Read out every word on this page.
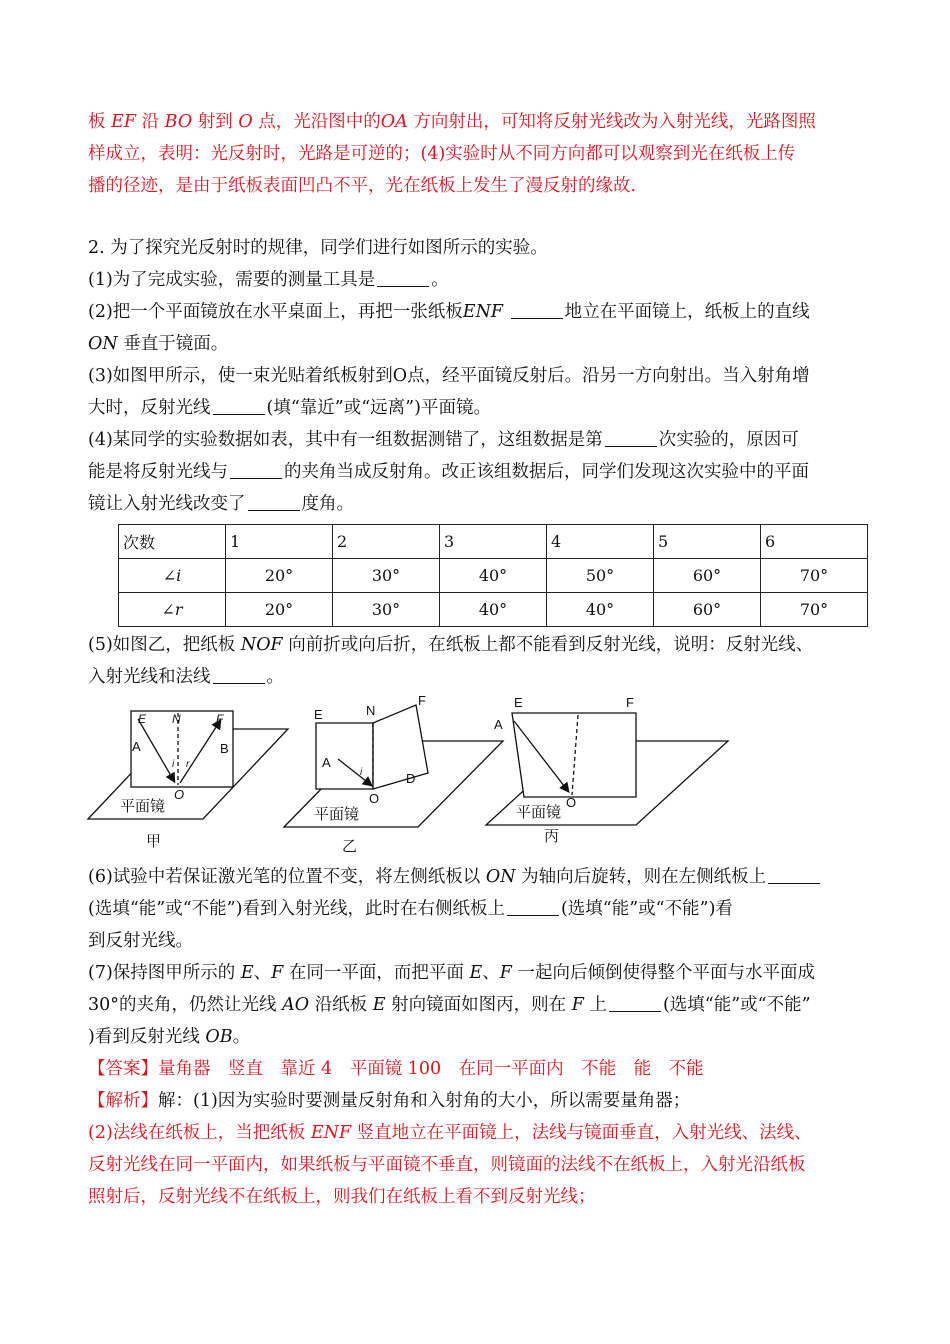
板 EF 沿 BO 射到 O 点，光沿图中的OA 方向射出，可知将反射光线改为入射光线，光路图照

样成立，表明：光反射时，光路是可逆的；(4)实验时从不同方向都可以观察到光在纸板上传

播的径迹，是由于纸板表面凹凸不平，光在纸板上发生了漫反射的缘故.

2. 为了探究光反射时的规律，同学们进行如图所示的实验。

(1)为了完成实验，需要的测量工具是	。

(2)把一个平面镜放在水平桌面上，再把一张纸板ENF	地立在平面镜上，纸板上的直线

ON 垂直于镜面。

(3)如图甲所示，使一束光贴着纸板射到O点，经平面镜反射后。沿另一方向射出。当入射角增

大时，反射光线	(填“靠近”或“远离”)平面镜。

(4)某同学的实验数据如表，其中有一组数据测错了，这组数据是第	次实验的，原因可

能是将反射光线与	的夹角当成反射角。改正该组数据后，同学们发现这次实验中的平面

镜让入射光线改变了	度角。

次数	1	2	3	4	5	6
∠i	20°	30°	40°	50°	60°	70°
∠r	20°	30°	40°	40°	60°	70°

(5)如图乙，把纸板 NOF 向前折或向后折，在纸板上都不能看到反射光线，说明：反射光线、

入射光线和法线	。

E N	F
A	B
i r
O
平面镜
甲
E	N
F
A
D
i
O
平面镜
乙
E	F
A
O
平面镜
丙

(6)试验中若保证激光笔的位置不变，将左侧纸板以 ON 为轴向后旋转，则在左侧纸板上

(选填“能”或“不能”)看到入射光线，此时在右侧纸板上	(选填“能”或“不能”)看

到反射光线。

(7)保持图甲所示的 E、F 在同一平面，而把平面 E、F 一起向后倾倒使得整个平面与水平面成

30°的夹角，仍然让光线 AO 沿纸板 E 射向镜面如图丙，则在 F 上	(选填“能”或“不能”

)看到反射光线 OB。

【答案】量角器　竖直　靠近 4　平面镜 100　在同一平面内　不能　能　不能

【解析】解：(1)因为实验时要测量反射角和入射角的大小，所以需要量角器；

(2)法线在纸板上，当把纸板 ENF 竖直地立在平面镜上，法线与镜面垂直，入射光线、法线、

反射光线在同一平面内，如果纸板与平面镜不垂直，则镜面的法线不在纸板上，入射光沿纸板

照射后，反射光线不在纸板上，则我们在纸板上看不到反射光线；
